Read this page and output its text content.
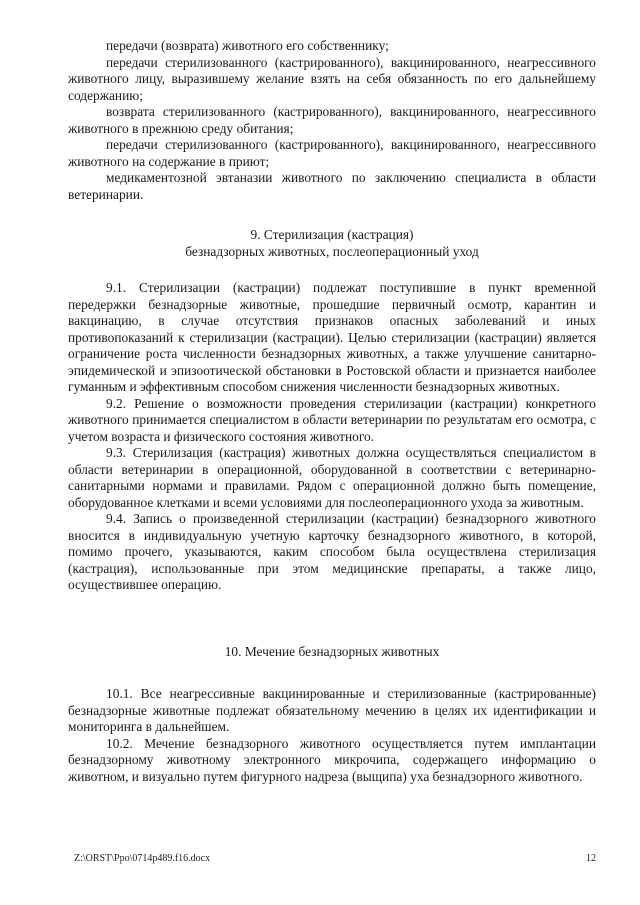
передачи (возврата) животного его собственнику;

передачи стерилизованного (кастрированного), вакцинированного, неагрессивного животного лицу, выразившему желание взять на себя обязанность по его дальнейшему содержанию;

возврата стерилизованного (кастрированного), вакцинированного, неагрессивного животного в прежнюю среду обитания;

передачи стерилизованного (кастрированного), вакцинированного, неагрессивного животного на содержание в приют;

медикаментозной эвтаназии животного по заключению специалиста в области ветеринарии.

9. Стерилизация (кастрация)

безнадзорных животных, послеоперационный уход

9.1. Стерилизации (кастрации) подлежат поступившие в пункт временной передержки безнадзорные животные, прошедшие первичный осмотр, карантин и вакцинацию, в случае отсутствия признаков опасных заболеваний и иных противопоказаний к стерилизации (кастрации). Целью стерилизации (кастрации) является ограничение роста численности безнадзорных животных, а также улучшение санитарно-эпидемической и эпизоотической обстановки в Ростовской области и признается наиболее гуманным и эффективным способом снижения численности безнадзорных животных.

9.2. Решение о возможности проведения стерилизации (кастрации) конкретного животного принимается специалистом в области ветеринарии по результатам его осмотра, с учетом возраста и физического состояния животного.

9.3. Стерилизация (кастрация) животных должна осуществляться специалистом в области ветеринарии в операционной, оборудованной в соответствии с ветеринарно-санитарными нормами и правилами. Рядом с операционной должно быть помещение, оборудованное клетками и всеми условиями для послеоперационного ухода за животным.

9.4. Запись о произведенной стерилизации (кастрации) безнадзорного животного вносится в индивидуальную учетную карточку безнадзорного животного, в которой, помимо прочего, указываются, каким способом была осуществлена стерилизация (кастрация), использованные при этом медицинские препараты, а также лицо, осуществившее операцию.

10. Мечение безнадзорных животных

10.1. Все неагрессивные вакцинированные и стерилизованные (кастрированные) безнадзорные животные подлежат обязательному мечению в целях их идентификации и мониторинга в дальнейшем.

10.2. Мечение безнадзорного животного осуществляется путем имплантации безнадзорному животному электронного микрочипа, содержащего информацию о животном, и визуально путем фигурного надреза (выщипа) уха безнадзорного животного.

Z:\ORST\Ppo\0714p489.f16.docx	12
